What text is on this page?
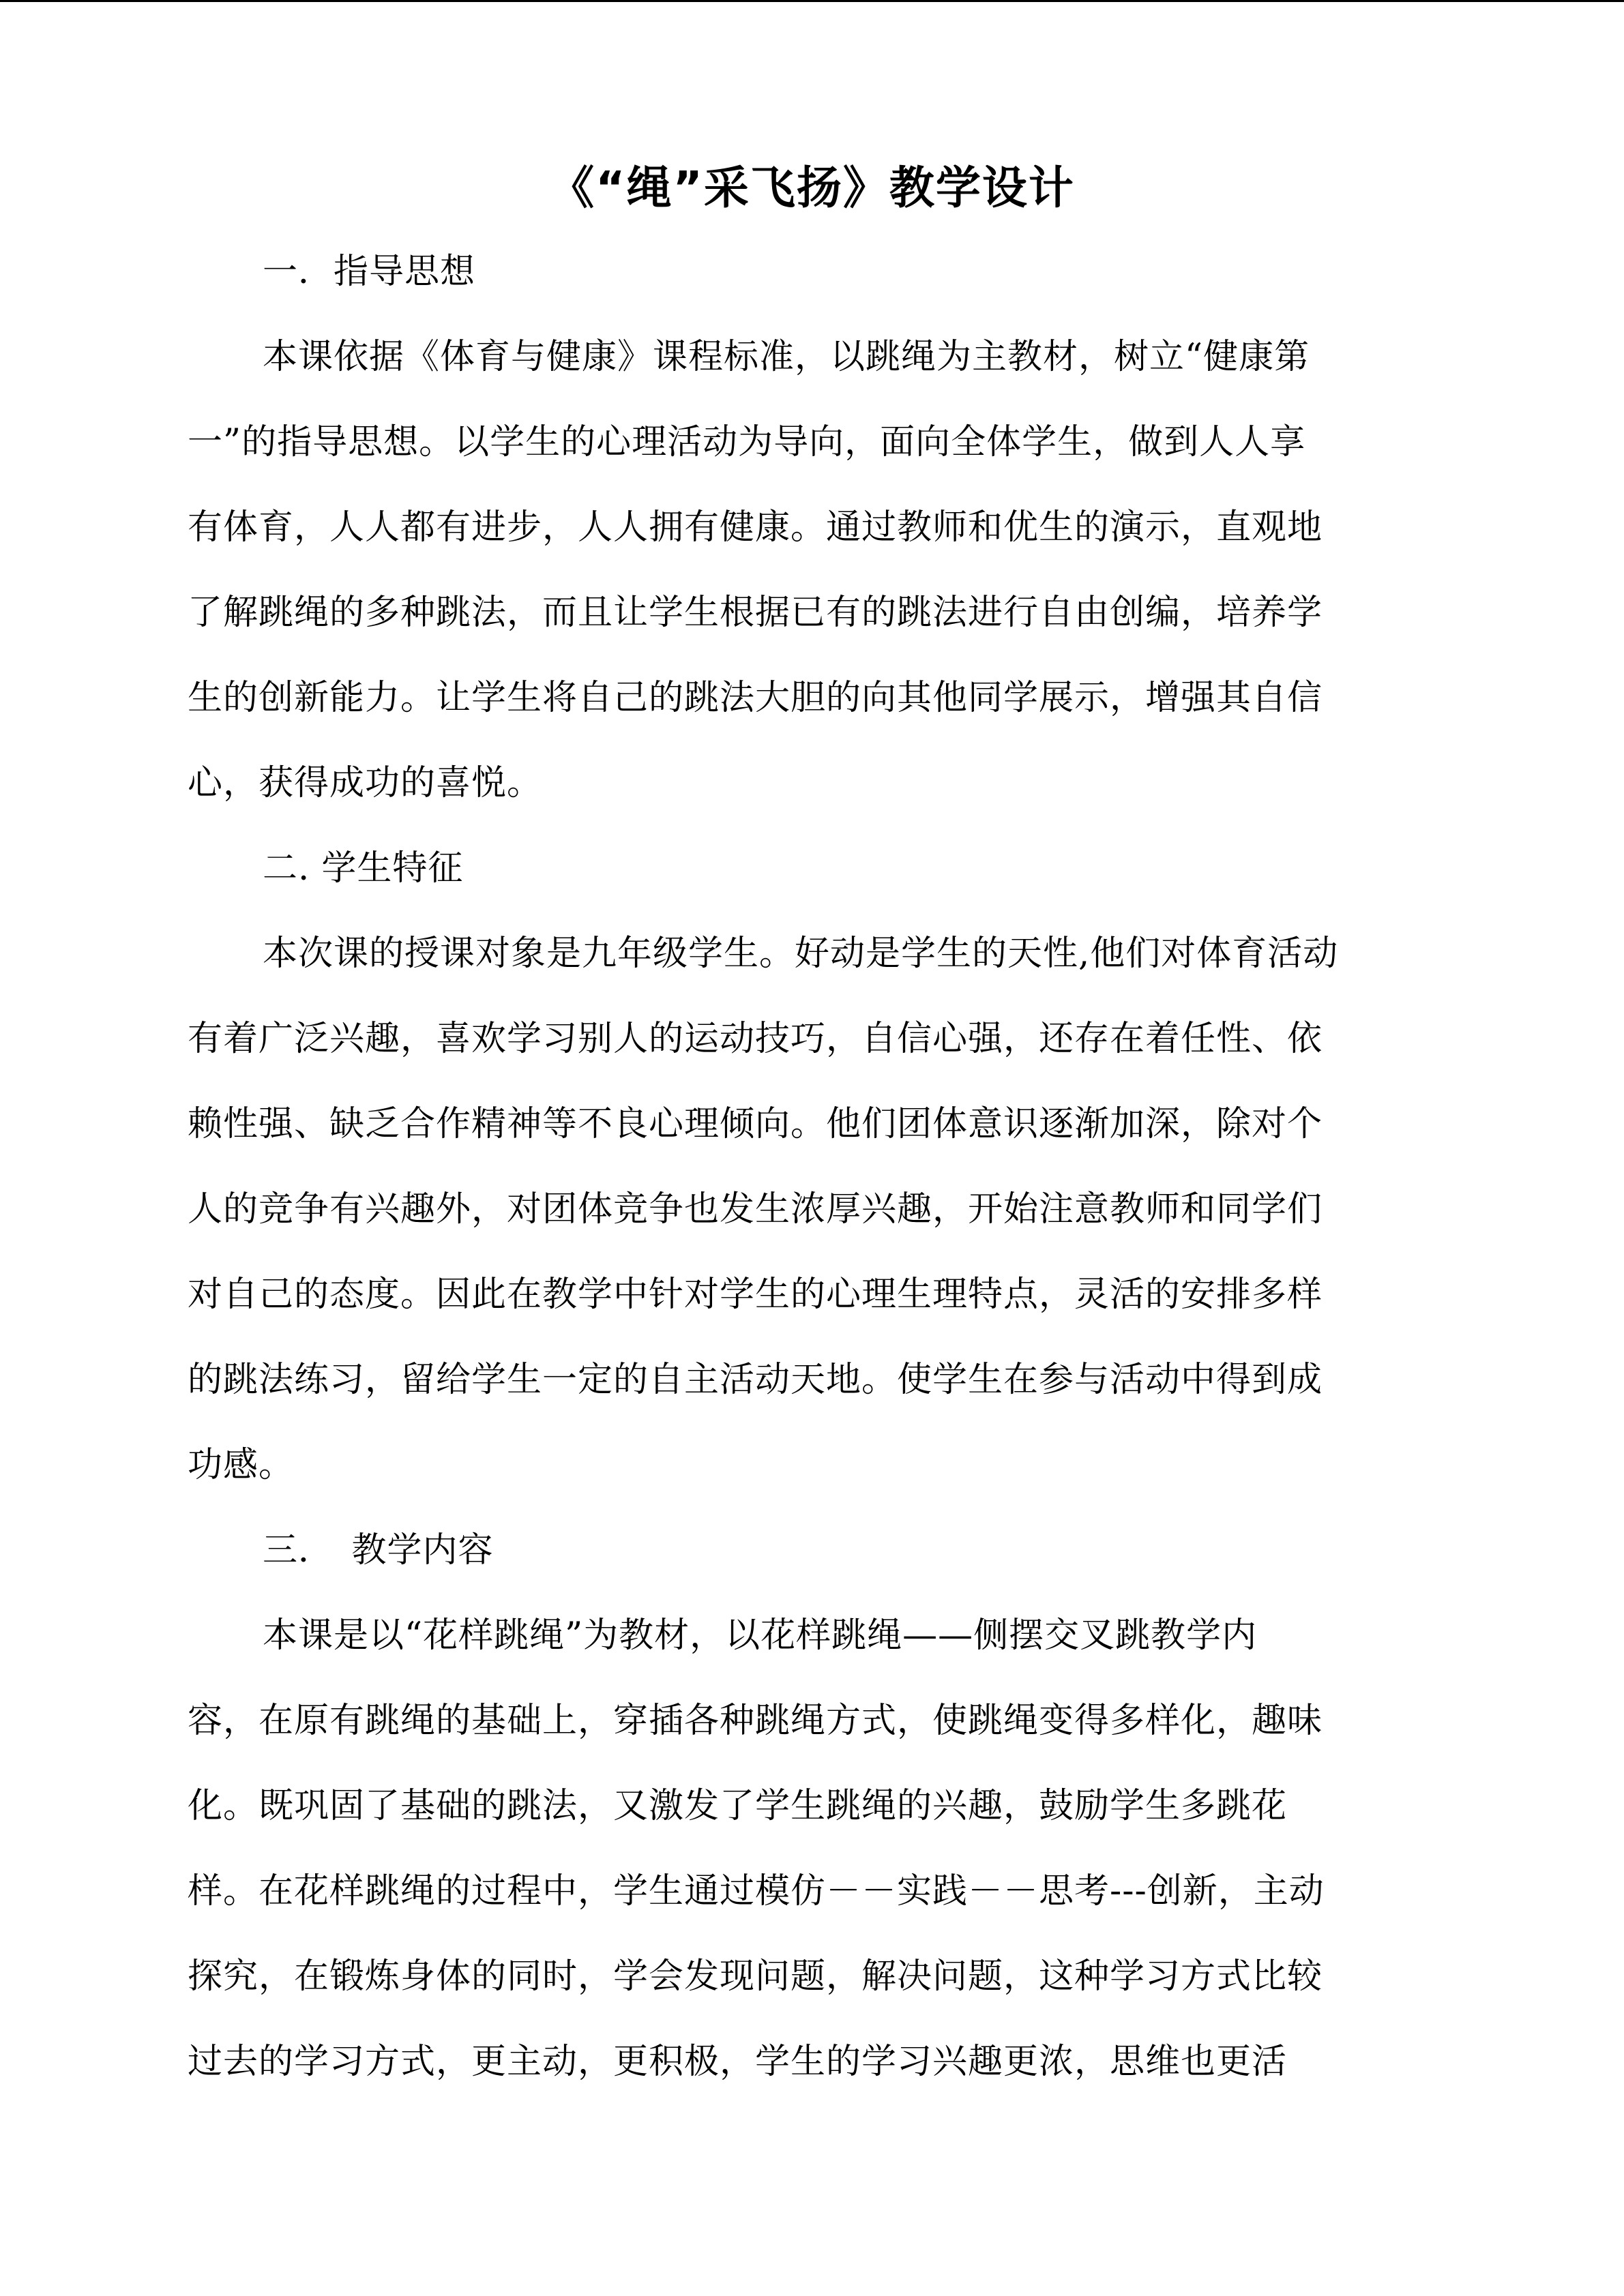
《“绳”采飞扬》教学设计
一．指导思想
本课依据《体育与健康》课程标准，以跳绳为主教材，树立“健康第
一”的指导思想。以学生的心理活动为导向，面向全体学生，做到人人享
有体育，人人都有进步，人人拥有健康。通过教师和优生的演示，直观地
了解跳绳的多种跳法，而且让学生根据已有的跳法进行自由创编，培养学
生的创新能力。让学生将自己的跳法大胆的向其他同学展示，增强其自信
心，获得成功的喜悦。
二. 学生特征
本次课的授课对象是九年级学生。好动是学生的天性,他们对体育活动
有着广泛兴趣，喜欢学习别人的运动技巧，自信心强，还存在着任性、依
赖性强、缺乏合作精神等不良心理倾向。他们团体意识逐渐加深，除对个
人的竞争有兴趣外，对团体竞争也发生浓厚兴趣，开始注意教师和同学们
对自己的态度。因此在教学中针对学生的心理生理特点，灵活的安排多样
的跳法练习，留给学生一定的自主活动天地。使学生在参与活动中得到成
功感。
三．　教学内容
本课是以“花样跳绳”为教材，以花样跳绳——侧摆交叉跳教学内
容，在原有跳绳的基础上，穿插各种跳绳方式，使跳绳变得多样化，趣味
化。既巩固了基础的跳法，又激发了学生跳绳的兴趣，鼓励学生多跳花
样。在花样跳绳的过程中，学生通过模仿－－实践－－思考---创新，主动
探究，在锻炼身体的同时，学会发现问题，解决问题，这种学习方式比较
过去的学习方式，更主动，更积极，学生的学习兴趣更浓，思维也更活
